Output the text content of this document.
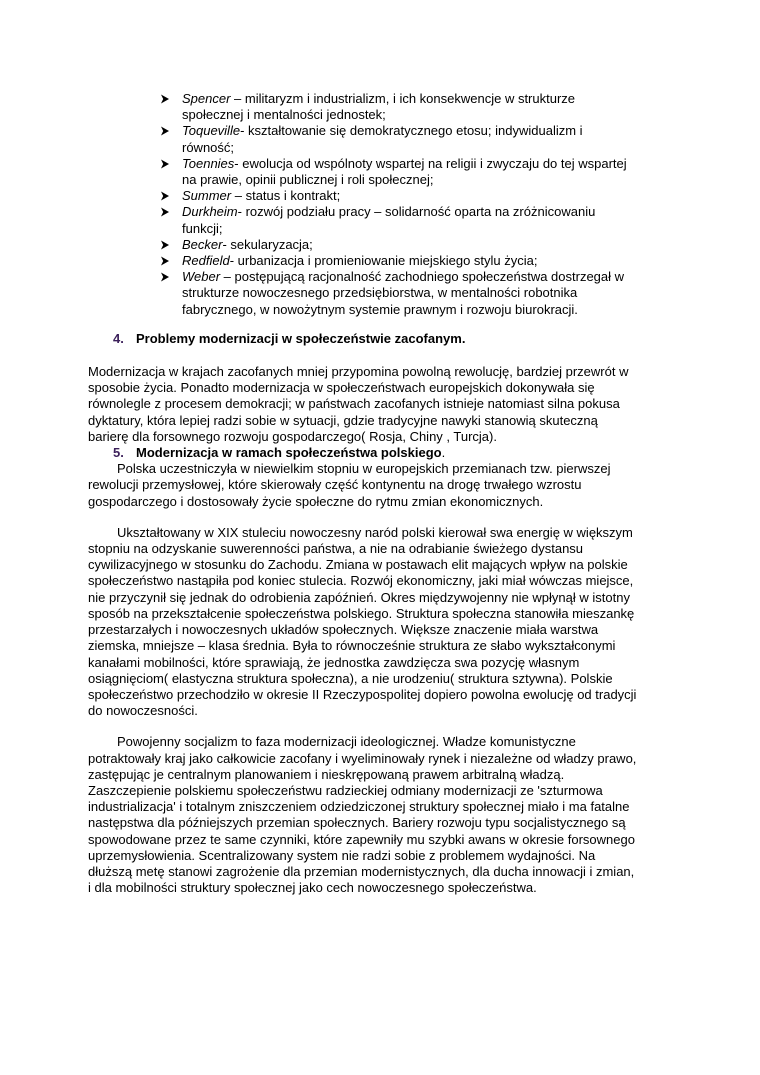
Spencer – militaryzm i industrializm, i ich konsekwencje w strukturze społecznej i mentalności jednostek;
Toqueville- kształtowanie się demokratycznego etosu; indywidualizm i równość;
Toennies- ewolucja od wspólnoty wspartej na religii i zwyczaju do tej wspartej na prawie, opinii publicznej i roli społecznej;
Summer – status i kontrakt;
Durkheim- rozwój podziału pracy – solidarność oparta na zróżnicowaniu funkcji;
Becker- sekularyzacja;
Redfield- urbanizacja i promieniowanie miejskiego stylu życia;
Weber – postępującą racjonalność zachodniego społeczeństwa dostrzegał w strukturze nowoczesnego przedsiębiorstwa, w mentalności robotnika fabrycznego, w nowożytnym systemie prawnym i rozwoju biurokracji.
4. Problemy modernizacji w społeczeństwie zacofanym.

Modernizacja w krajach zacofanych mniej przypomina powolną rewolucję, bardziej przewrót w sposobie życia. Ponadto modernizacja w społeczeństwach europejskich dokonywała się równolegle z procesem demokracji; w państwach zacofanych istnieje natomiast silna pokusa dyktatury, która lepiej radzi sobie w sytuacji, gdzie tradycyjne nawyki stanowią skuteczną barierę dla forsownego rozwoju gospodarczego( Rosja, Chiny , Turcja).

5. Modernizacja w ramach społeczeństwa polskiego .

Polska uczestniczyła w niewielkim stopniu w europejskich przemianach tzw. pierwszej rewolucji przemysłowej, które skierowały część kontynentu na drogę trwałego wzrostu gospodarczego i dostosowały życie społeczne do rytmu zmian ekonomicznych.

Ukształtowany w XIX stuleciu nowoczesny naród polski kierował swa energię w większym stopniu na odzyskanie suwerenności państwa, a nie na odrabianie świeżego dystansu cywilizacyjnego w stosunku do Zachodu. Zmiana w postawach elit mających wpływ na polskie społeczeństwo nastąpiła pod koniec stulecia. Rozwój ekonomiczny, jaki miał wówczas miejsce, nie przyczynił się jednak do odrobienia zapóźnień. Okres międzywojenny nie wpłynął w istotny sposób na przekształcenie społeczeństwa polskiego. Struktura społeczna stanowiła mieszankę przestarzałych i nowoczesnych układów społecznych. Większe znaczenie miała warstwa ziemska, mniejsze – klasa średnia. Była to równocześnie struktura ze słabo wykształconymi kanałami mobilności, które sprawiają, że jednostka zawdzięcza swa pozycję własnym osiągnięciom( elastyczna struktura społeczna), a nie urodzeniu( struktura sztywna). Polskie społeczeństwo przechodziło w okresie II Rzeczypospolitej dopiero powolna ewolucję od tradycji do nowoczesności.

Powojenny socjalizm to faza modernizacji ideologicznej. Władze komunistyczne potraktowały kraj jako całkowicie zacofany i wyeliminowały rynek i niezależne od władzy prawo, zastępując je centralnym planowaniem i nieskrępowaną prawem arbitralną władzą. Zaszczepienie polskiemu społeczeństwu radzieckiej odmiany modernizacji ze 'szturmowa industrializacja' i totalnym zniszczeniem odziedziczonej struktury społecznej miało i ma fatalne następstwa dla późniejszych przemian społecznych. Bariery rozwoju typu socjalistycznego są spowodowane przez te same czynniki, które zapewniły mu szybki awans w okresie forsownego uprzemysłowienia. Scentralizowany system nie radzi sobie z problemem wydajności. Na dłuższą metę stanowi zagrożenie dla przemian modernistycznych, dla ducha innowacji i zmian, i dla mobilności struktury społecznej jako cech nowoczesnego społeczeństwa.
